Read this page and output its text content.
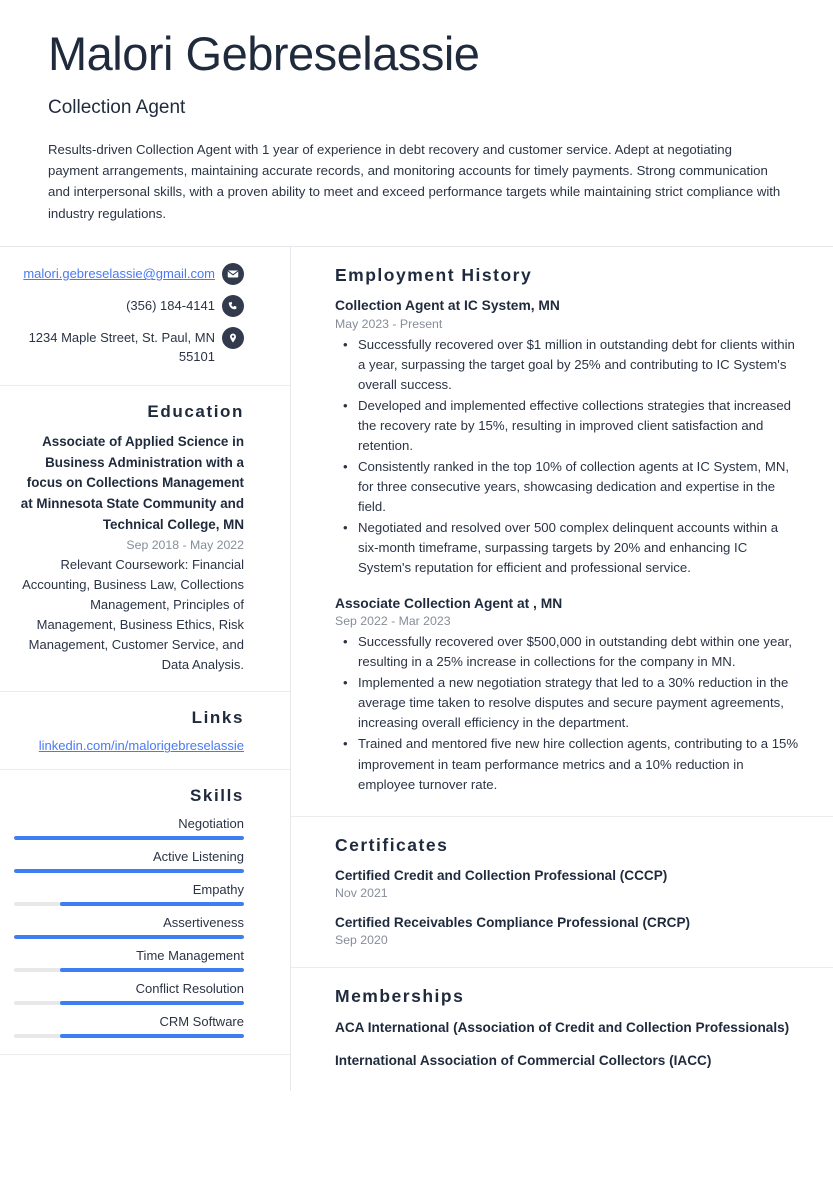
Malori Gebreselassie
Collection Agent
Results-driven Collection Agent with 1 year of experience in debt recovery and customer service. Adept at negotiating payment arrangements, maintaining accurate records, and monitoring accounts for timely payments. Strong communication and interpersonal skills, with a proven ability to meet and exceed performance targets while maintaining strict compliance with industry regulations.
malori.gebreselassie@gmail.com
(356) 184-4141
1234 Maple Street, St. Paul, MN 55101
Education
Associate of Applied Science in Business Administration with a focus on Collections Management at Minnesota State Community and Technical College, MN
Sep 2018 - May 2022
Relevant Coursework: Financial Accounting, Business Law, Collections Management, Principles of Management, Business Ethics, Risk Management, Customer Service, and Data Analysis.
Links
linkedin.com/in/malorigebreselassie
Skills
Negotiation
Active Listening
Empathy
Assertiveness
Time Management
Conflict Resolution
CRM Software
Employment History
Collection Agent at IC System, MN
May 2023 - Present
• Successfully recovered over $1 million in outstanding debt for clients within a year, surpassing the target goal by 25% and contributing to IC System's overall success.
• Developed and implemented effective collections strategies that increased the recovery rate by 15%, resulting in improved client satisfaction and retention.
• Consistently ranked in the top 10% of collection agents at IC System, MN, for three consecutive years, showcasing dedication and expertise in the field.
• Negotiated and resolved over 500 complex delinquent accounts within a six-month timeframe, surpassing targets by 20% and enhancing IC System's reputation for efficient and professional service.
Associate Collection Agent at , MN
Sep 2022 - Mar 2023
• Successfully recovered over $500,000 in outstanding debt within one year, resulting in a 25% increase in collections for the company in MN.
• Implemented a new negotiation strategy that led to a 30% reduction in the average time taken to resolve disputes and secure payment agreements, increasing overall efficiency in the department.
• Trained and mentored five new hire collection agents, contributing to a 15% improvement in team performance metrics and a 10% reduction in employee turnover rate.
Certificates
Certified Credit and Collection Professional (CCCP)
Nov 2021
Certified Receivables Compliance Professional (CRCP)
Sep 2020
Memberships
ACA International (Association of Credit and Collection Professionals)
International Association of Commercial Collectors (IACC)
